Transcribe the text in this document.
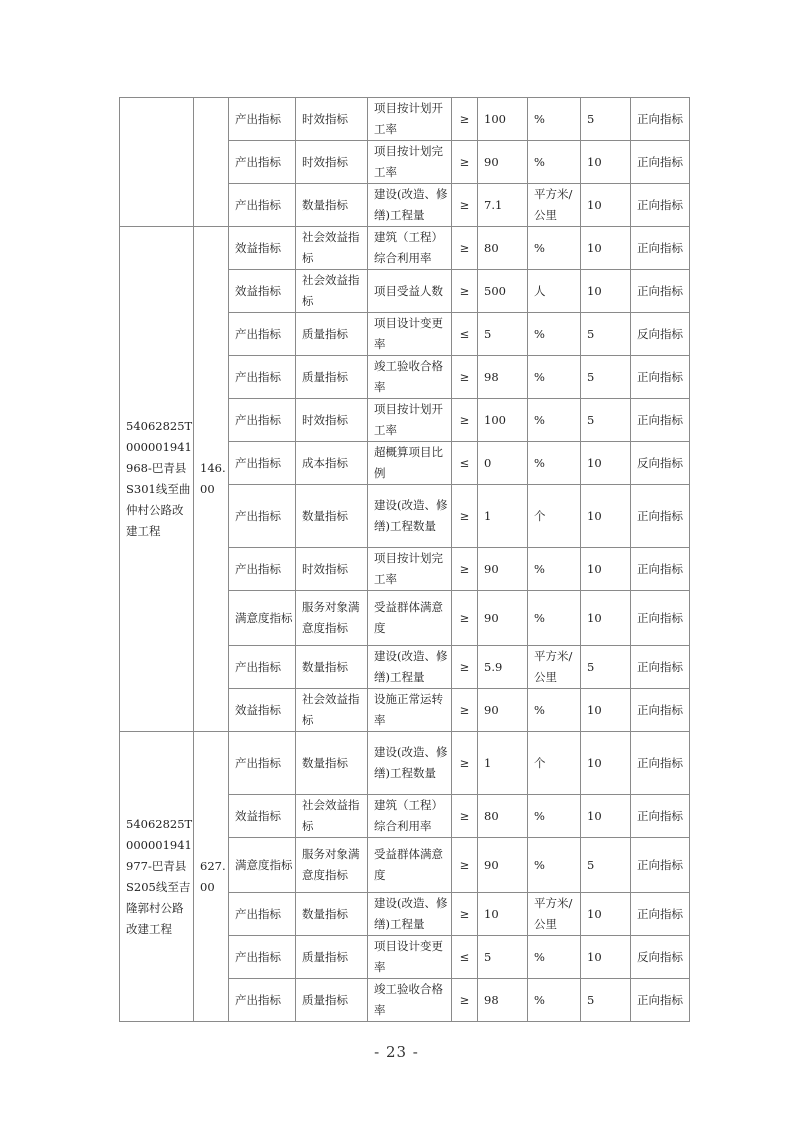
		产出指标	时效指标	项目按计划开工率	≥	100	%	5	正向指标
		产出指标	时效指标	项目按计划完工率	≥	90	%	10	正向指标
		产出指标	数量指标	建设(改造、修缮)工程量	≥	7.1	平方米/公里	10	正向指标
54062825T000001941968-巴青县S301线至曲仲村公路改建工程	146.00	效益指标	社会效益指标	建筑（工程）综合利用率	≥	80	%	10	正向指标
		效益指标	社会效益指标	项目受益人数	≥	500	人	10	正向指标
		产出指标	质量指标	项目设计变更率	≤	5	%	5	反向指标
		产出指标	质量指标	竣工验收合格率	≥	98	%	5	正向指标
		产出指标	时效指标	项目按计划开工率	≥	100	%	5	正向指标
		产出指标	成本指标	超概算项目比例	≤	0	%	10	反向指标
		产出指标	数量指标	建设(改造、修缮)工程数量	≥	1	个	10	正向指标
		产出指标	时效指标	项目按计划完工率	≥	90	%	10	正向指标
		满意度指标	服务对象满意度指标	受益群体满意度	≥	90	%	10	正向指标
		产出指标	数量指标	建设(改造、修缮)工程量	≥	5.9	平方米/公里	5	正向指标
		效益指标	社会效益指标	设施正常运转率	≥	90	%	10	正向指标
54062825T000001941977-巴青县S205线至吉隆郭村公路改建工程	627.00	产出指标	数量指标	建设(改造、修缮)工程数量	≥	1	个	10	正向指标
		效益指标	社会效益指标	建筑（工程）综合利用率	≥	80	%	10	正向指标
		满意度指标	服务对象满意度指标	受益群体满意度	≥	90	%	5	正向指标
		产出指标	数量指标	建设(改造、修缮)工程量	≥	10	平方米/公里	10	正向指标
		产出指标	质量指标	项目设计变更率	≤	5	%	10	反向指标
		产出指标	质量指标	竣工验收合格率	≥	98	%	5	正向指标
- 23 -
